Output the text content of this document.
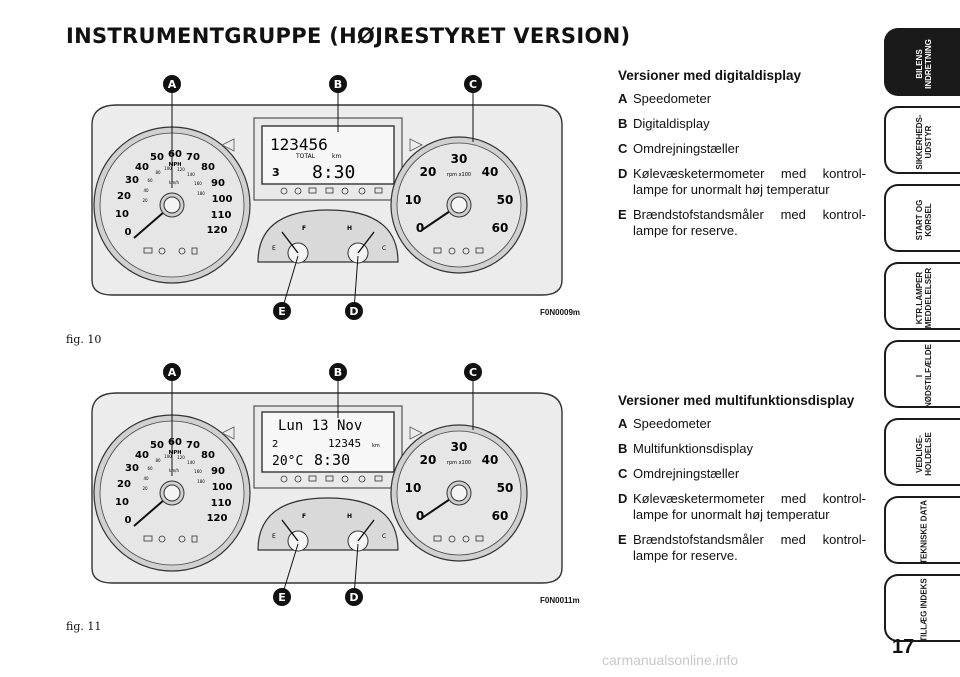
INSTRUMENTGRUPPE (HØJRESTYRET VERSION)
0
10
20
30
40
50 60 70
80
90
100
110
120
MPH
20
40
60
80
100 120
140
160
180
km/h
123456
TOTAL	km
3 8:30
E
F
C
H	0
10
20
30
40
50
60
rpm x100
A	B	C
E	D	F0N0009m
fig. 10
0
10
20
30
40
50 60 70
80
90
100
110
120
MPH
20
40
60
80
100 120
140
160
180
km/h
Lun 13 Nov
2	12345 km
20°C 8:30
E
F
C
H	0
10
20
30
40
50
60
rpm x100
A	B	C
E	D	F0N0011m
fig. 11
Versioner med digitaldisplay
A Speedometer
B Digitaldisplay
C Omdrejningstæller
D Kølevæsketermometer med kontrol-lampe for unormalt høj temperatur
E Brændstofstandsmåler med kontrol-lampe for reserve.
Versioner med multifunktionsdisplay
A Speedometer
B Multifunktionsdisplay
C Omdrejningstæller
D Kølevæsketermometer med kontrol-lampe for unormalt høj temperatur
E Brændstofstandsmåler med kontrol-lampe for reserve.
BILENS INDRETNING
SIKKERHEDS-UDSTYR
START OG KØRSEL
KTR.LAMPER MEDDELELSER
I NØDSTILFÆLDE
VEDLIGE-HOLDELSE
TEKNISKE DATA
TILLÆG INDEKS
17
carmanualsonline.info
